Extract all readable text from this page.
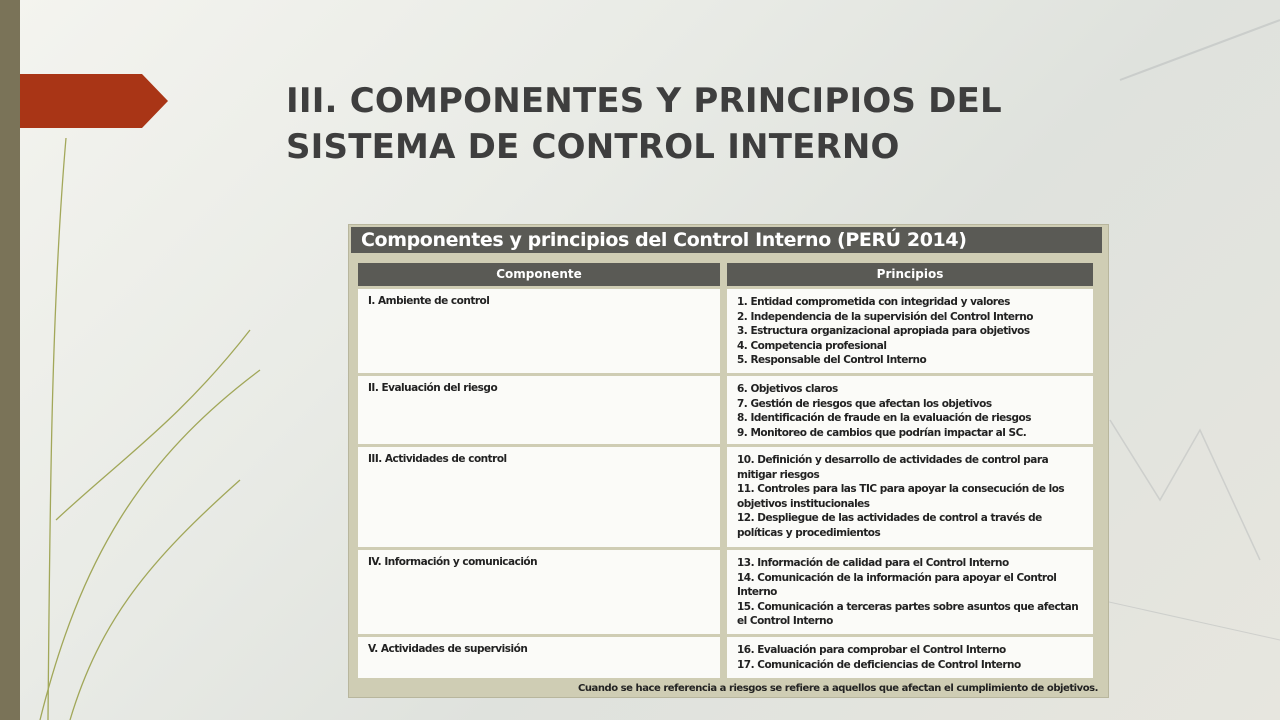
III. COMPONENTES Y PRINCIPIOS DEL
SISTEMA DE CONTROL INTERNO
Componentes y principios del Control Interno (PERÚ 2014)
Componente	Principios
I. Ambiente de control	1. Entidad comprometida con integridad y valores
2. Independencia de la supervisión del Control Interno
3. Estructura organizacional apropiada para objetivos
4. Competencia profesional
5. Responsable del Control Interno
II. Evaluación del riesgo	6. Objetivos claros
7. Gestión de riesgos que afectan los objetivos
8. Identificación de fraude en la evaluación de riesgos
9. Monitoreo de cambios que podrían impactar al SC.
III. Actividades de control	10. Definición y desarrollo de actividades de control para mitigar riesgos
11. Controles para las TIC para apoyar la consecución de los objetivos institucionales
12. Despliegue de las actividades de control a través de políticas y procedimientos
IV. Información y comunicación	13. Información de calidad para el Control Interno
14. Comunicación de la información para apoyar el Control Interno
15. Comunicación a terceras partes sobre asuntos que afectan el Control Interno
V. Actividades de supervisión	16. Evaluación para comprobar el Control Interno
17. Comunicación de deficiencias de Control Interno
Cuando se hace referencia a riesgos se refiere a aquellos que afectan el cumplimiento de objetivos.
